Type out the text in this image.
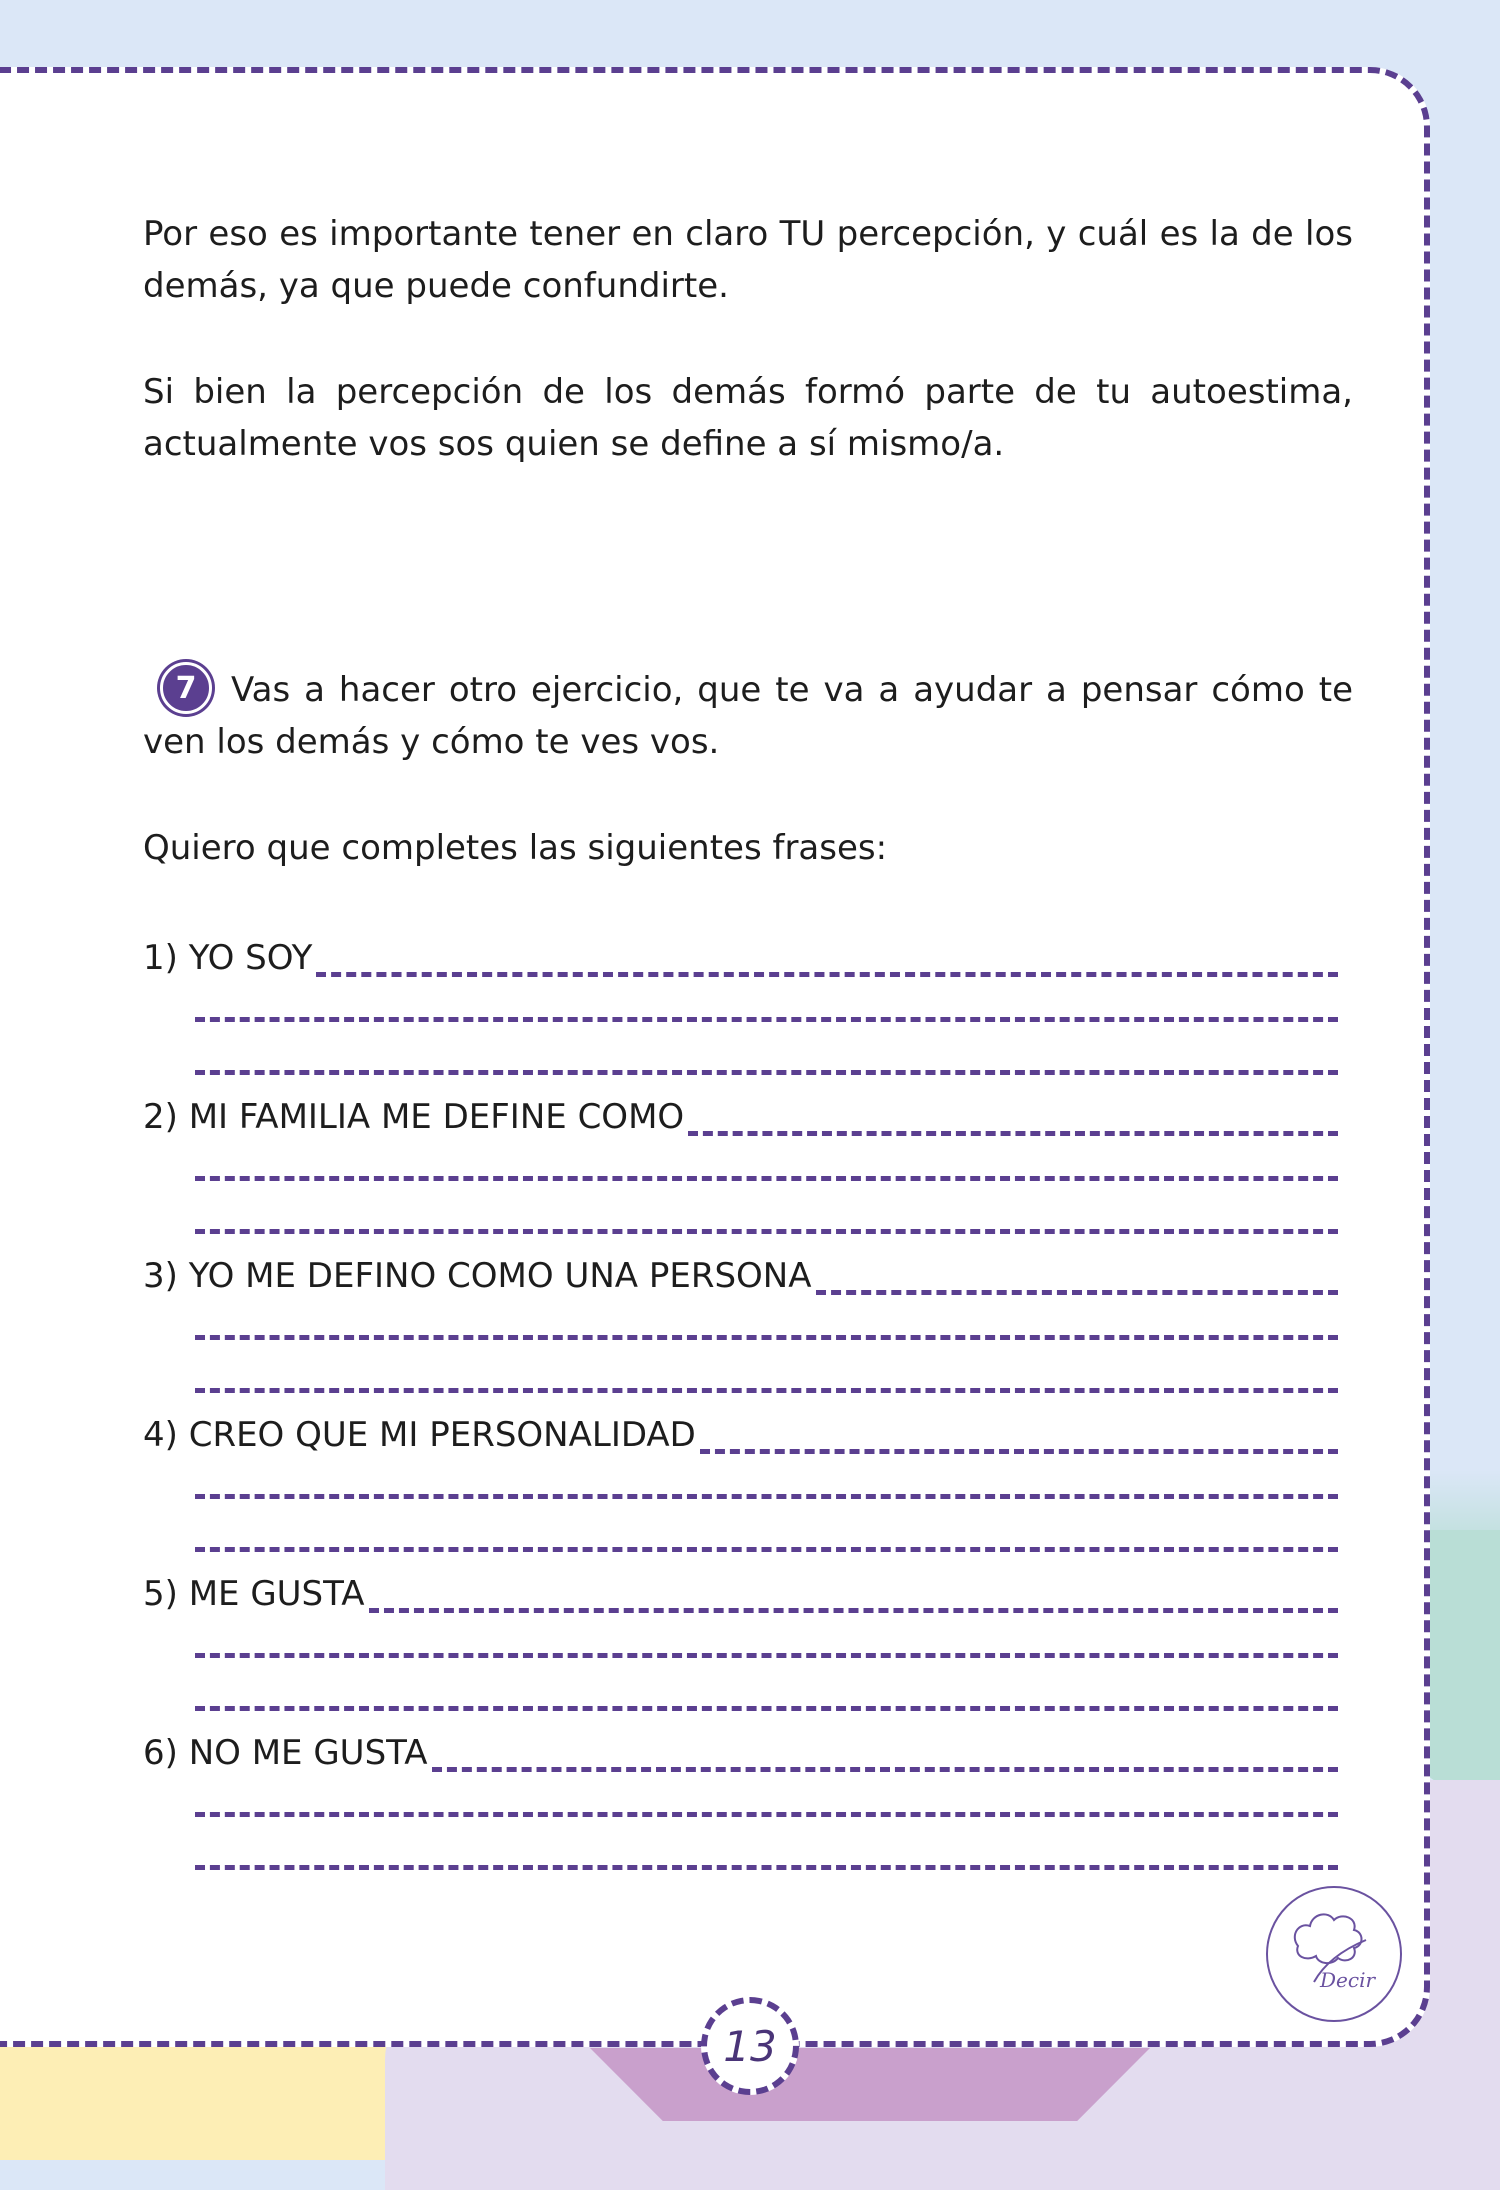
Por eso es importante tener en claro TU percepción, y cuál es la de los demás, ya que puede confundirte.

Si bien la percepción de los demás formó parte de tu autoestima, actualmente vos sos quien se define a sí mismo/a.

7	Vas a hacer otro ejercicio, que te va a ayudar a pensar cómo te ven los demás y cómo te ves vos.

Quiero que completes las siguientes frases:

1) YO SOY
2) MI FAMILIA ME DEFINE COMO
3) YO ME DEFINO COMO UNA PERSONA
4) CREO QUE MI PERSONALIDAD
5) ME GUSTA
6) NO ME GUSTA
Decir
13
